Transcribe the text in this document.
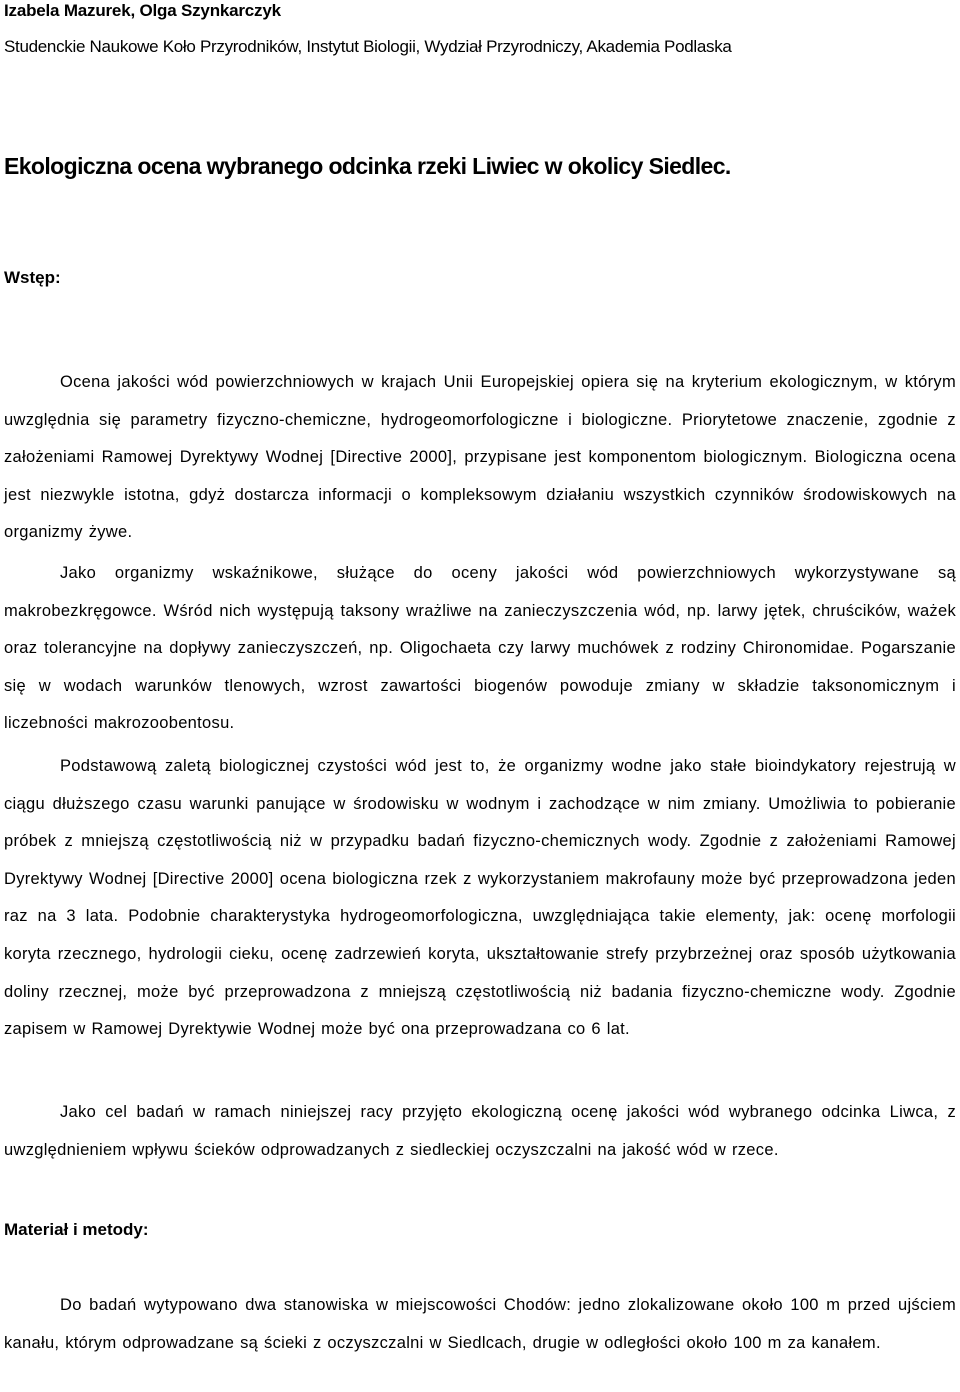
Izabela Mazurek, Olga Szynkarczyk

Studenckie Naukowe Koło Przyrodników, Instytut Biologii, Wydział Przyrodniczy, Akademia Podlaska

Ekologiczna ocena wybranego odcinka rzeki Liwiec w okolicy Siedlec.
Wstęp:

Ocena jakości wód powierzchniowych w krajach Unii Europejskiej opiera się na kryterium ekologicznym, w którym uwzględnia się parametry fizyczno-chemiczne, hydrogeomorfologiczne i biologiczne. Priorytetowe znaczenie, zgodnie z założeniami Ramowej Dyrektywy Wodnej [Directive 2000], przypisane jest komponentom biologicznym. Biologiczna ocena jest niezwykle istotna, gdyż dostarcza informacji o kompleksowym działaniu wszystkich czynników środowiskowych na organizmy żywe.

Jako organizmy wskaźnikowe, służące do oceny jakości wód powierzchniowych wykorzystywane są makrobezkręgowce. Wśród nich występują taksony wrażliwe na zanieczyszczenia wód, np. larwy jętek, chruścików, ważek oraz tolerancyjne na dopływy zanieczyszczeń, np. Oligochaeta czy larwy muchówek z rodziny Chironomidae. Pogarszanie się w wodach warunków tlenowych, wzrost zawartości biogenów powoduje zmiany w składzie taksonomicznym i liczebności makrozoobentosu.

Podstawową zaletą biologicznej czystości wód jest to, że organizmy wodne jako stałe bioindykatory rejestrują w ciągu dłuższego czasu warunki panujące w środowisku w wodnym i zachodzące w nim zmiany. Umożliwia to pobieranie próbek z mniejszą częstotliwością niż w przypadku badań fizyczno-chemicznych wody. Zgodnie z założeniami Ramowej Dyrektywy Wodnej [Directive 2000] ocena biologiczna rzek z wykorzystaniem makrofauny może być przeprowadzona jeden raz na 3 lata. Podobnie charakterystyka hydrogeomorfologiczna, uwzględniająca takie elementy, jak: ocenę morfologii koryta rzecznego, hydrologii cieku, ocenę zadrzewień koryta, ukształtowanie strefy przybrzeżnej oraz sposób użytkowania doliny rzecznej, może być przeprowadzona z mniejszą częstotliwością niż badania fizyczno-chemiczne wody. Zgodnie zapisem w Ramowej Dyrektywie Wodnej może być ona przeprowadzana co 6 lat.

Jako cel badań w ramach niniejszej racy przyjęto ekologiczną ocenę jakości wód wybranego odcinka Liwca, z uwzględnieniem wpływu ścieków odprowadzanych z siedleckiej oczyszczalni na jakość wód w rzece.

Materiał i metody:

Do badań wytypowano dwa stanowiska w miejscowości Chodów: jedno zlokalizowane około 100 m przed ujściem kanału, którym odprowadzane są ścieki z oczyszczalni w Siedlcach, drugie w odległości około 100 m za kanałem.
